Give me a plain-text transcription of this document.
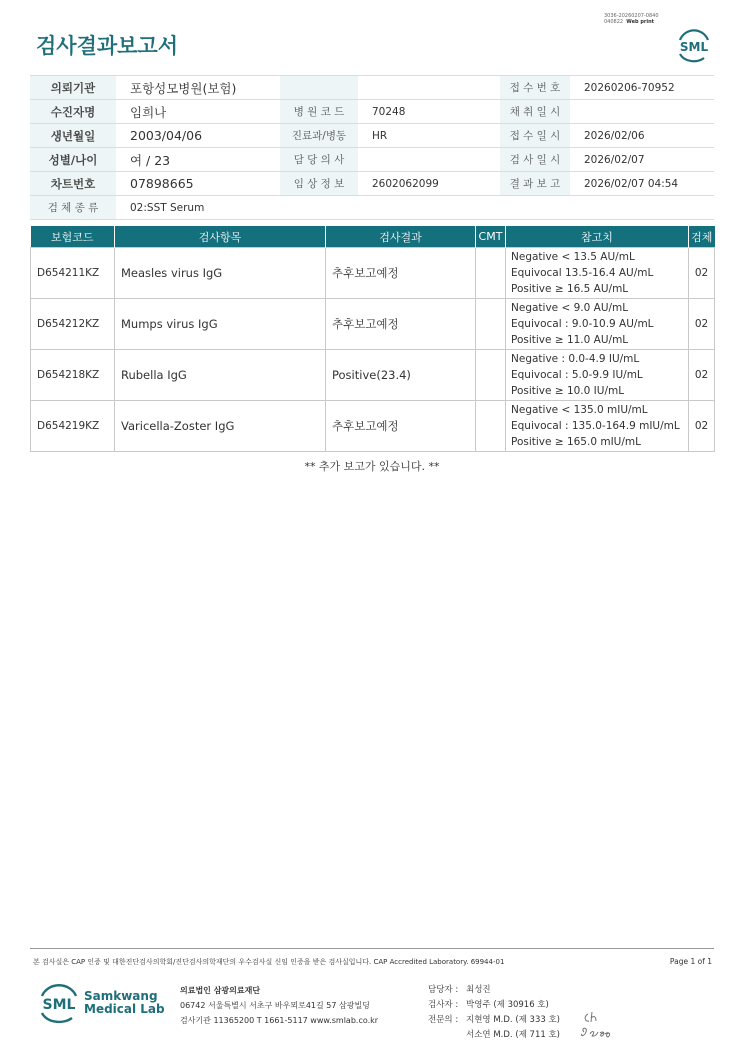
검사결과보고서
3036-20260207-0840
040822 Web print
SML
의뢰기관	포항성모병원(보험)			접 수 번 호	20260206-70952
수진자명	임희나	병 원 코 드	70248	채 취 일 시	
생년월일	2003/04/06	진료과/병동	HR	접 수 일 시	2026/02/06
성별/나이	여 / 23	담 당 의 사		검 사 일 시	2026/02/07
차트번호	07898665	임 상 정 보	2602062099	결 과 보 고	2026/02/07 04:54
검 체 종 류	02:SST Serum				
보험코드	검사항목	검사결과	CMT	참고치	검체
D654211KZ	Measles virus IgG	추후보고예정		Negative < 13.5 AU/mL
Equivocal 13.5-16.4 AU/mL
Positive ≥ 16.5 AU/mL	02
D654212KZ	Mumps virus IgG	추후보고예정		Negative < 9.0 AU/mL
Equivocal : 9.0-10.9 AU/mL
Positive ≥ 11.0 AU/mL	02
D654218KZ	Rubella IgG	Positive(23.4)		Negative : 0.0-4.9 IU/mL
Equivocal : 5.0-9.9 IU/mL
Positive ≥ 10.0 IU/mL	02
D654219KZ	Varicella-Zoster IgG	추후보고예정		Negative < 135.0 mIU/mL
Equivocal : 135.0-164.9 mIU/mL
Positive ≥ 165.0 mIU/mL	02
** 추가 보고가 있습니다. **
본 검사실은 CAP 인증 및 대한진단검사의학회/진단검사의학재단의 우수검사실 신임 인증을 받은 검사실입니다. CAP Accredited Laboratory. 69944-01	Page 1 of 1
SML
Samkwang
Medical Lab
의료법인 삼광의료재단
06742 서울특별시 서초구 바우뫼로41길 57 삼광빌딩
검사기관 11365200 T 1661-5117 www.smlab.co.kr
담당자 : 최성진
검사자 : 박영주 (제 30916 호)
전문의 : 지현영 M.D. (제 333 호)
서소연 M.D. (제 711 호)
